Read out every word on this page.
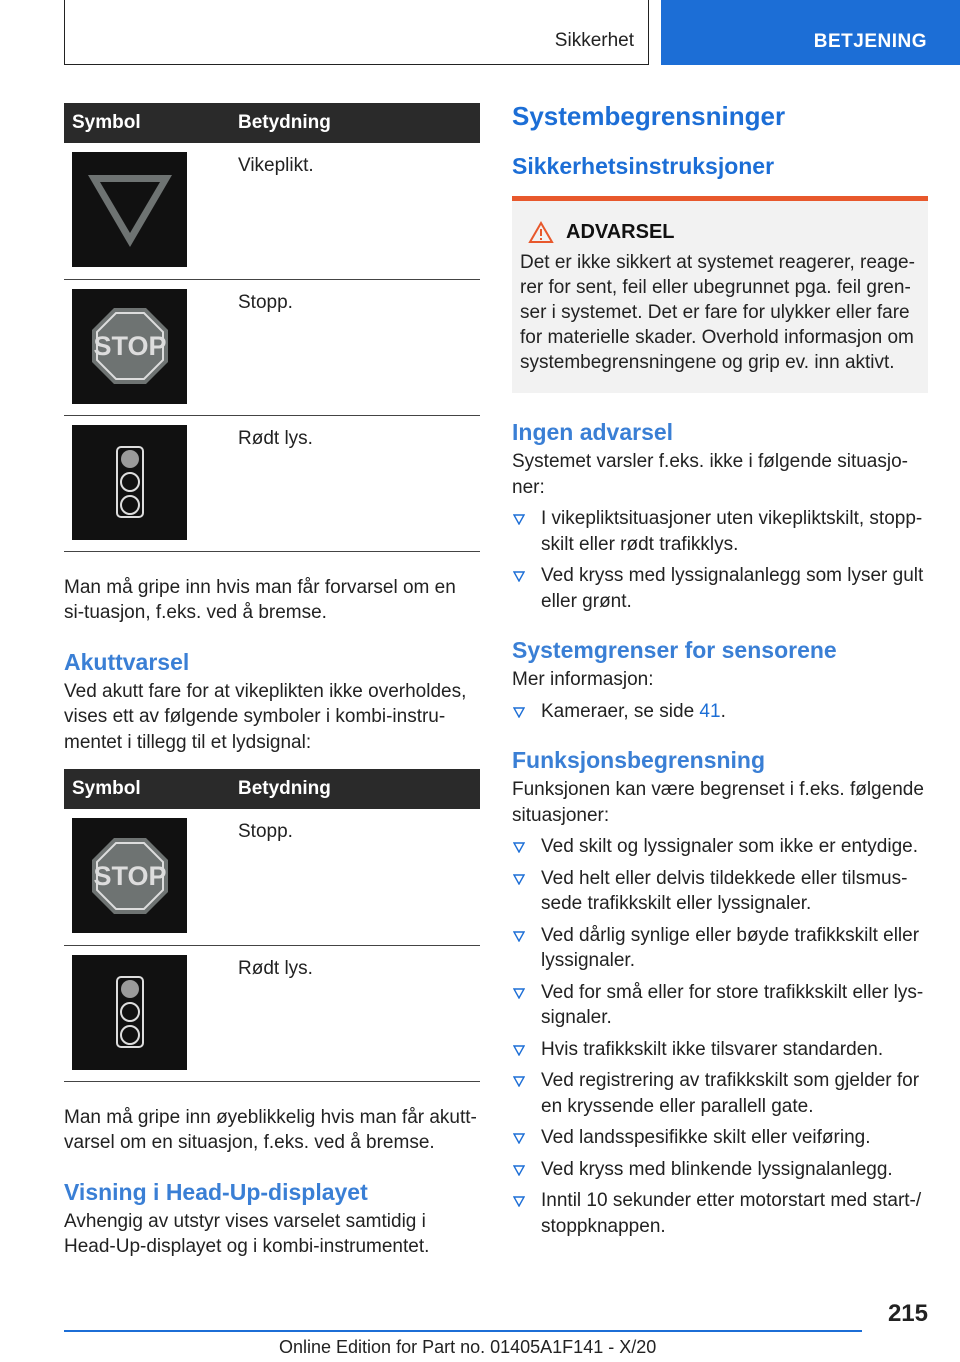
Sikkerhet	BETJENING
Symbol	Betydning

	Vikeplikt.

STOP	Stopp.

	Rødt lys.

Man må gripe inn hvis man får forvarsel om en si-tuasjon, f.eks. ved å bremse.

Akuttvarsel

Ved akutt fare for at vikeplikten ikke overholdes, vises ett av følgende symboler i kombi-instru-mentet i tillegg til et lydsignal:

Symbol	Betydning

STOP	Stopp.

	Rødt lys.

Man må gripe inn øyeblikkelig hvis man får akutt-varsel om en situasjon, f.eks. ved å bremse.

Visning i Head-Up-displayet

Avhengig av utstyr vises varselet samtidig i Head-Up-displayet og i kombi-instrumentet.

Systembegrensninger
Sikkerhetsinstruksjoner
ADVARSEL

Det er ikke sikkert at systemet reagerer, reage-rer for sent, feil eller ubegrunnet pga. feil gren-ser i systemet. Det er fare for ulykker eller fare for materielle skader. Overhold informasjon om systembegrensningene og grip ev. inn aktivt.

Ingen advarsel

Systemet varsler f.eks. ikke i følgende situasjo-ner:

I vikepliktsituasjoner uten vikepliktskilt, stopp-skilt eller rødt trafikklys.
Ved kryss med lyssignalanlegg som lyser gult eller grønt.
Systemgrenser for sensorene

Mer informasjon:

Kameraer, se side 41.
Funksjonsbegrensning

Funksjonen kan være begrenset i f.eks. følgende situasjoner:

Ved skilt og lyssignaler som ikke er entydige.
Ved helt eller delvis tildekkede eller tilsmus-sede trafikkskilt eller lyssignaler.
Ved dårlig synlige eller bøyde trafikkskilt eller lyssignaler.
Ved for små eller for store trafikkskilt eller lys-signaler.
Hvis trafikkskilt ikke tilsvarer standarden.
Ved registrering av trafikkskilt som gjelder for en kryssende eller parallell gate.
Ved landsspesifikke skilt eller veiføring.
Ved kryss med blinkende lyssignalanlegg.
Inntil 10 sekunder etter motorstart med start-/ stoppknappen.
215
Online Edition for Part no. 01405A1F141 - X/20
